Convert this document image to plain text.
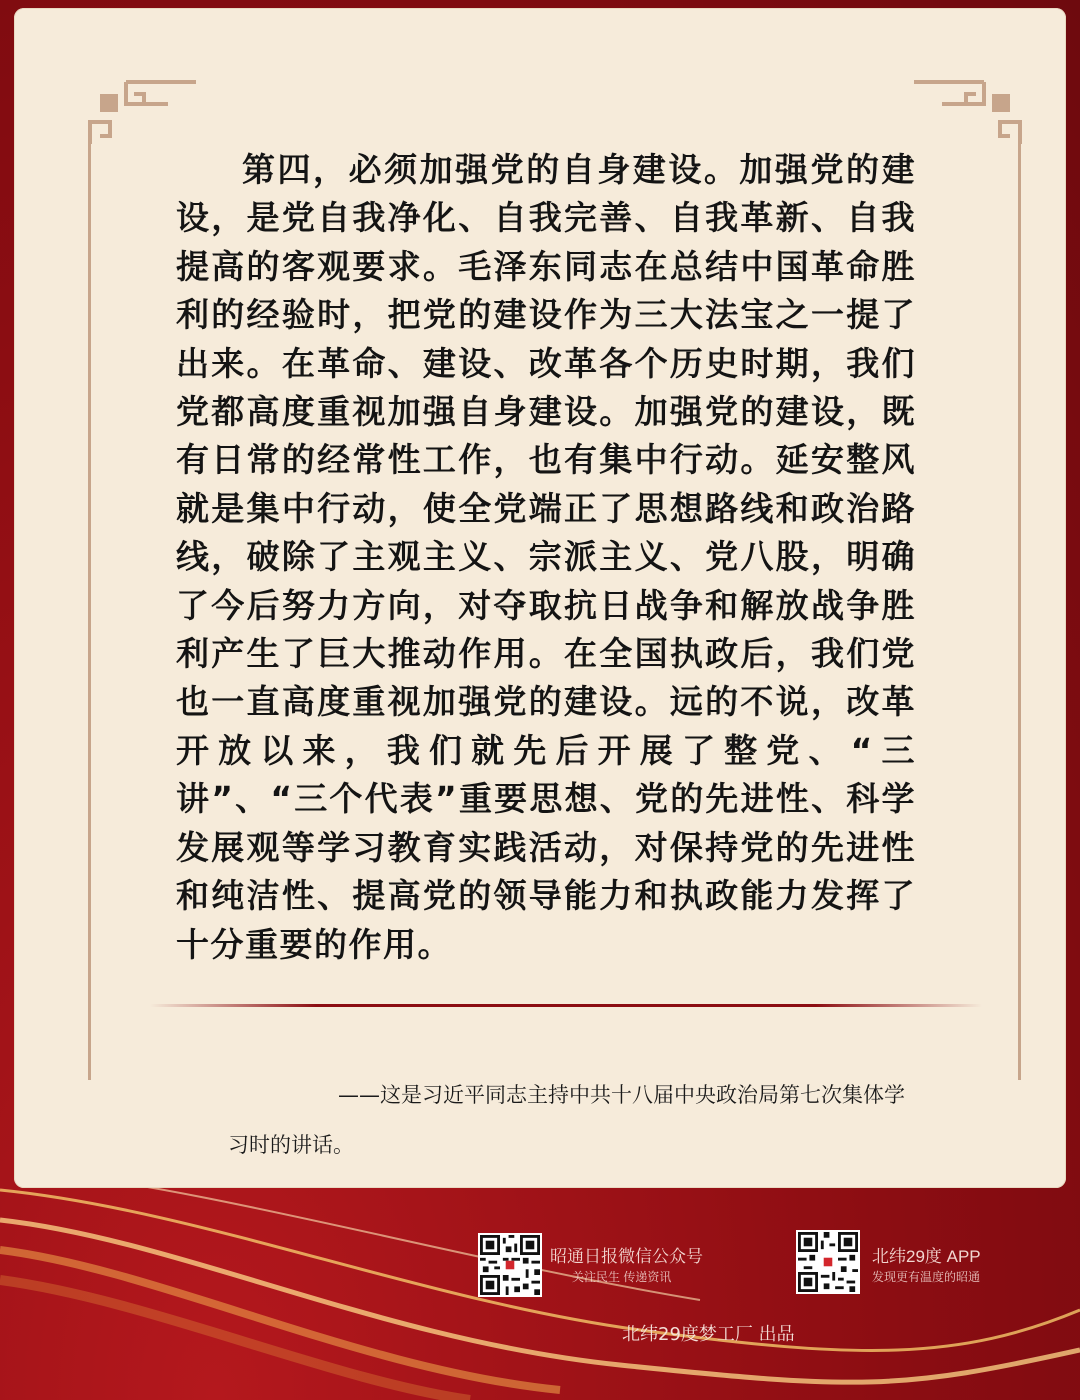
第四，必须加强党的自身建设。加强党的建设，是党自我净化、自我完善、自我革新、自我提高的客观要求。毛泽东同志在总结中国革命胜利的经验时，把党的建设作为三大法宝之一提了出来。在革命、建设、改革各个历史时期，我们党都高度重视加强自身建设。加强党的建设，既有日常的经常性工作，也有集中行动。延安整风就是集中行动，使全党端正了思想路线和政治路线，破除了主观主义、宗派主义、党八股，明确了今后努力方向，对夺取抗日战争和解放战争胜利产生了巨大推动作用。在全国执政后，我们党也一直高度重视加强党的建设。远的不说，改革开放以来，我们就先后开展了整党、“三讲”、“三个代表”重要思想、党的先进性、科学发展观等学习教育实践活动，对保持党的先进性和纯洁性、提高党的领导能力和执政能力发挥了十分重要的作用。

——这是习近平同志主持中共十八届中央政治局第七次集体学习时的讲话。

昭通日报微信公众号

关注民生 传递资讯

北纬29度 APP

发现更有温度的昭通

北纬29度梦工厂 出品
